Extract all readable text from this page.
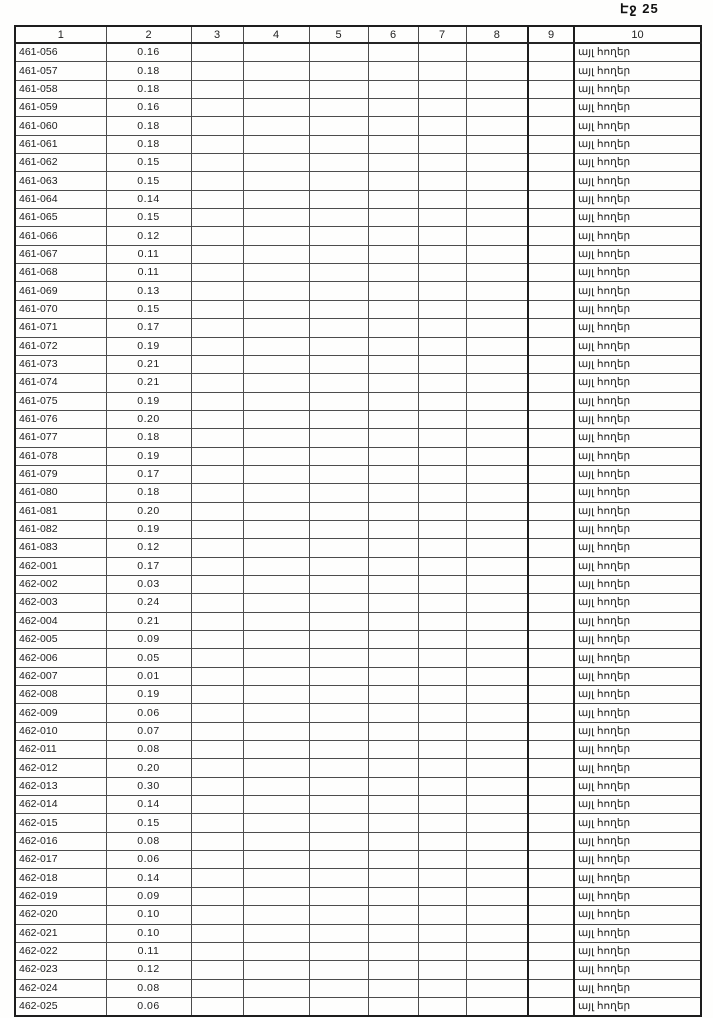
Էջ 25
1	2	3	4	5	6	7	8	9	10
461-056	0.16								այլ հողեր
461-057	0.18								այլ հողեր
461-058	0.18								այլ հողեր
461-059	0.16								այլ հողեր
461-060	0.18								այլ հողեր
461-061	0.18								այլ հողեր
461-062	0.15								այլ հողեր
461-063	0.15								այլ հողեր
461-064	0.14								այլ հողեր
461-065	0.15								այլ հողեր
461-066	0.12								այլ հողեր
461-067	0.11								այլ հողեր
461-068	0.11								այլ հողեր
461-069	0.13								այլ հողեր
461-070	0.15								այլ հողեր
461-071	0.17								այլ հողեր
461-072	0.19								այլ հողեր
461-073	0.21								այլ հողեր
461-074	0.21								այլ հողեր
461-075	0.19								այլ հողեր
461-076	0.20								այլ հողեր
461-077	0.18								այլ հողեր
461-078	0.19								այլ հողեր
461-079	0.17								այլ հողեր
461-080	0.18								այլ հողեր
461-081	0.20								այլ հողեր
461-082	0.19								այլ հողեր
461-083	0.12								այլ հողեր
462-001	0.17								այլ հողեր
462-002	0.03								այլ հողեր
462-003	0.24								այլ հողեր
462-004	0.21								այլ հողեր
462-005	0.09								այլ հողեր
462-006	0.05								այլ հողեր
462-007	0.01								այլ հողեր
462-008	0.19								այլ հողեր
462-009	0.06								այլ հողեր
462-010	0.07								այլ հողեր
462-011	0.08								այլ հողեր
462-012	0.20								այլ հողեր
462-013	0.30								այլ հողեր
462-014	0.14								այլ հողեր
462-015	0.15								այլ հողեր
462-016	0.08								այլ հողեր
462-017	0.06								այլ հողեր
462-018	0.14								այլ հողեր
462-019	0.09								այլ հողեր
462-020	0.10								այլ հողեր
462-021	0.10								այլ հողեր
462-022	0.11								այլ հողեր
462-023	0.12								այլ հողեր
462-024	0.08								այլ հողեր
462-025	0.06								այլ հողեր
